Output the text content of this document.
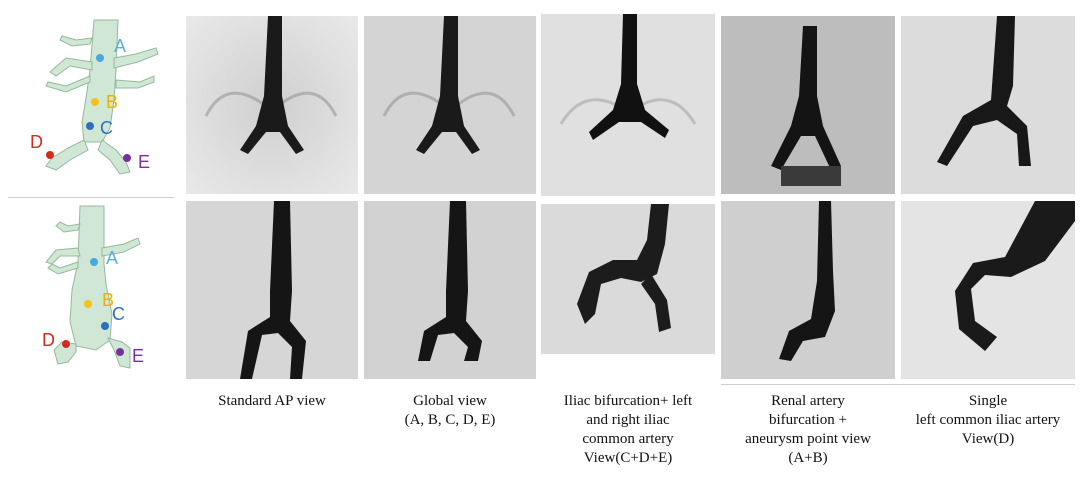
A
B
C
D
E
A
B
C
D
E
Standard AP view	Global view
(A, B, C, D, E)
Iliac bifurcation+ left
and right iliac
common artery
View(C+D+E)
Renal artery
bifurcation +
aneurysm point view
(A+B)
Single
left common iliac artery
View(D)
